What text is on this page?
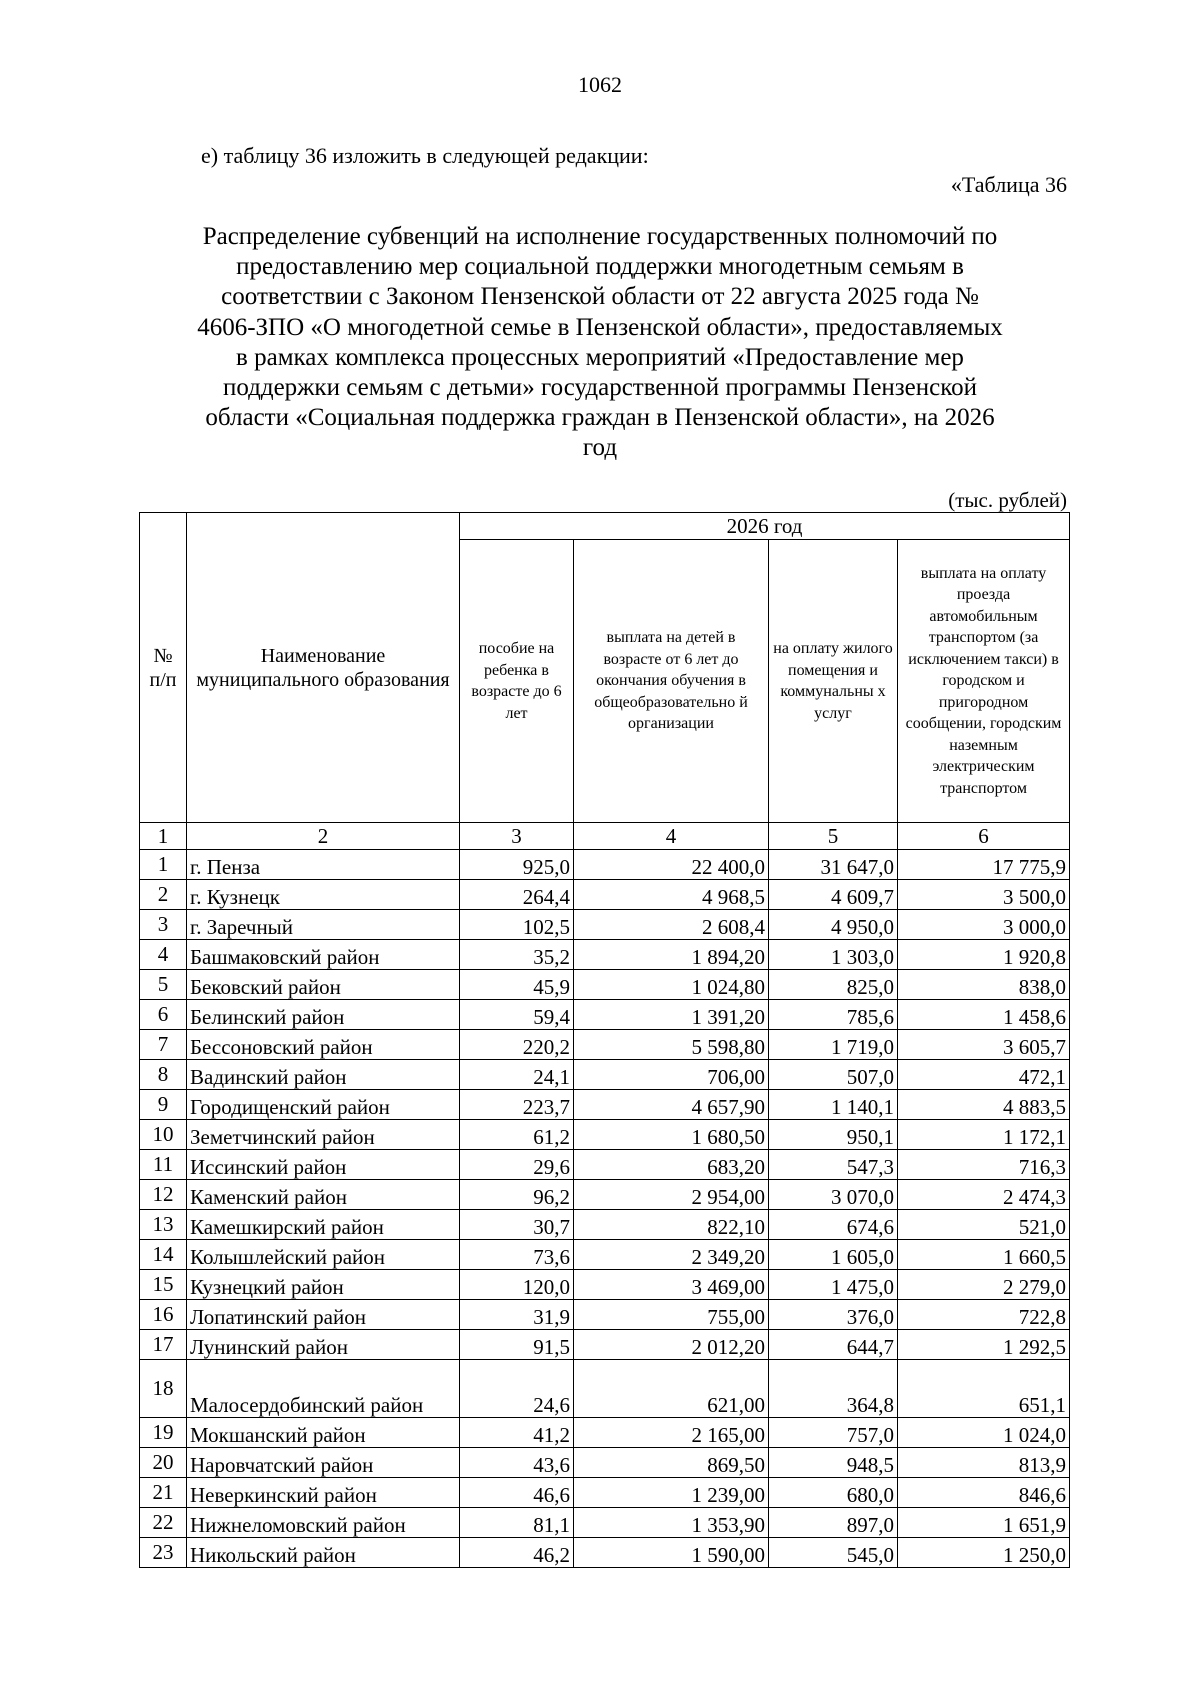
1062
е) таблицу 36 изложить в следующей редакции:
«Таблица 36
Распределение субвенций на исполнение государственных полномочий по
предоставлению мер социальной поддержки многодетным семьям в
соответствии с Законом Пензенской области от 22 августа 2025 года №
4606-ЗПО «О многодетной семье в Пензенской области», предоставляемых
в рамках комплекса процессных мероприятий «Предоставление мер
поддержки семьям с детьми» государственной программы Пензенской
области «Социальная поддержка граждан в Пензенской области», на 2026
год
(тыс. рублей)
№ п/п	Наименование муниципального образования	2026 год			
		пособие на ребенка в возрасте до 6 лет	выплата на детей в возрасте от 6 лет до окончания обучения в общеобразовательно й организации	на оплату жилого помещения и коммунальны х услуг	выплата на оплату проезда автомобильным транспортом (за исключением такси) в городском и пригородном сообщении, городским наземным электрическим транспортом
1	2	3	4	5	6
1	г. Пенза	925,0	22 400,0	31 647,0	17 775,9
2	г. Кузнецк	264,4	4 968,5	4 609,7	3 500,0
3	г. Заречный	102,5	2 608,4	4 950,0	3 000,0
4	Башмаковский район	35,2	1 894,20	1 303,0	1 920,8
5	Бековский район	45,9	1 024,80	825,0	838,0
6	Белинский район	59,4	1 391,20	785,6	1 458,6
7	Бессоновский район	220,2	5 598,80	1 719,0	3 605,7
8	Вадинский район	24,1	706,00	507,0	472,1
9	Городищенский район	223,7	4 657,90	1 140,1	4 883,5
10	Земетчинский район	61,2	1 680,50	950,1	1 172,1
11	Иссинский район	29,6	683,20	547,3	716,3
12	Каменский район	96,2	2 954,00	3 070,0	2 474,3
13	Камешкирский район	30,7	822,10	674,6	521,0
14	Колышлейский район	73,6	2 349,20	1 605,0	1 660,5
15	Кузнецкий район	120,0	3 469,00	1 475,0	2 279,0
16	Лопатинский район	31,9	755,00	376,0	722,8
17	Лунинский район	91,5	2 012,20	644,7	1 292,5
18	Малосердобинский район	24,6	621,00	364,8	651,1
19	Мокшанский район	41,2	2 165,00	757,0	1 024,0
20	Наровчатский район	43,6	869,50	948,5	813,9
21	Неверкинский район	46,6	1 239,00	680,0	846,6
22	Нижнеломовский район	81,1	1 353,90	897,0	1 651,9
23	Никольский район	46,2	1 590,00	545,0	1 250,0
